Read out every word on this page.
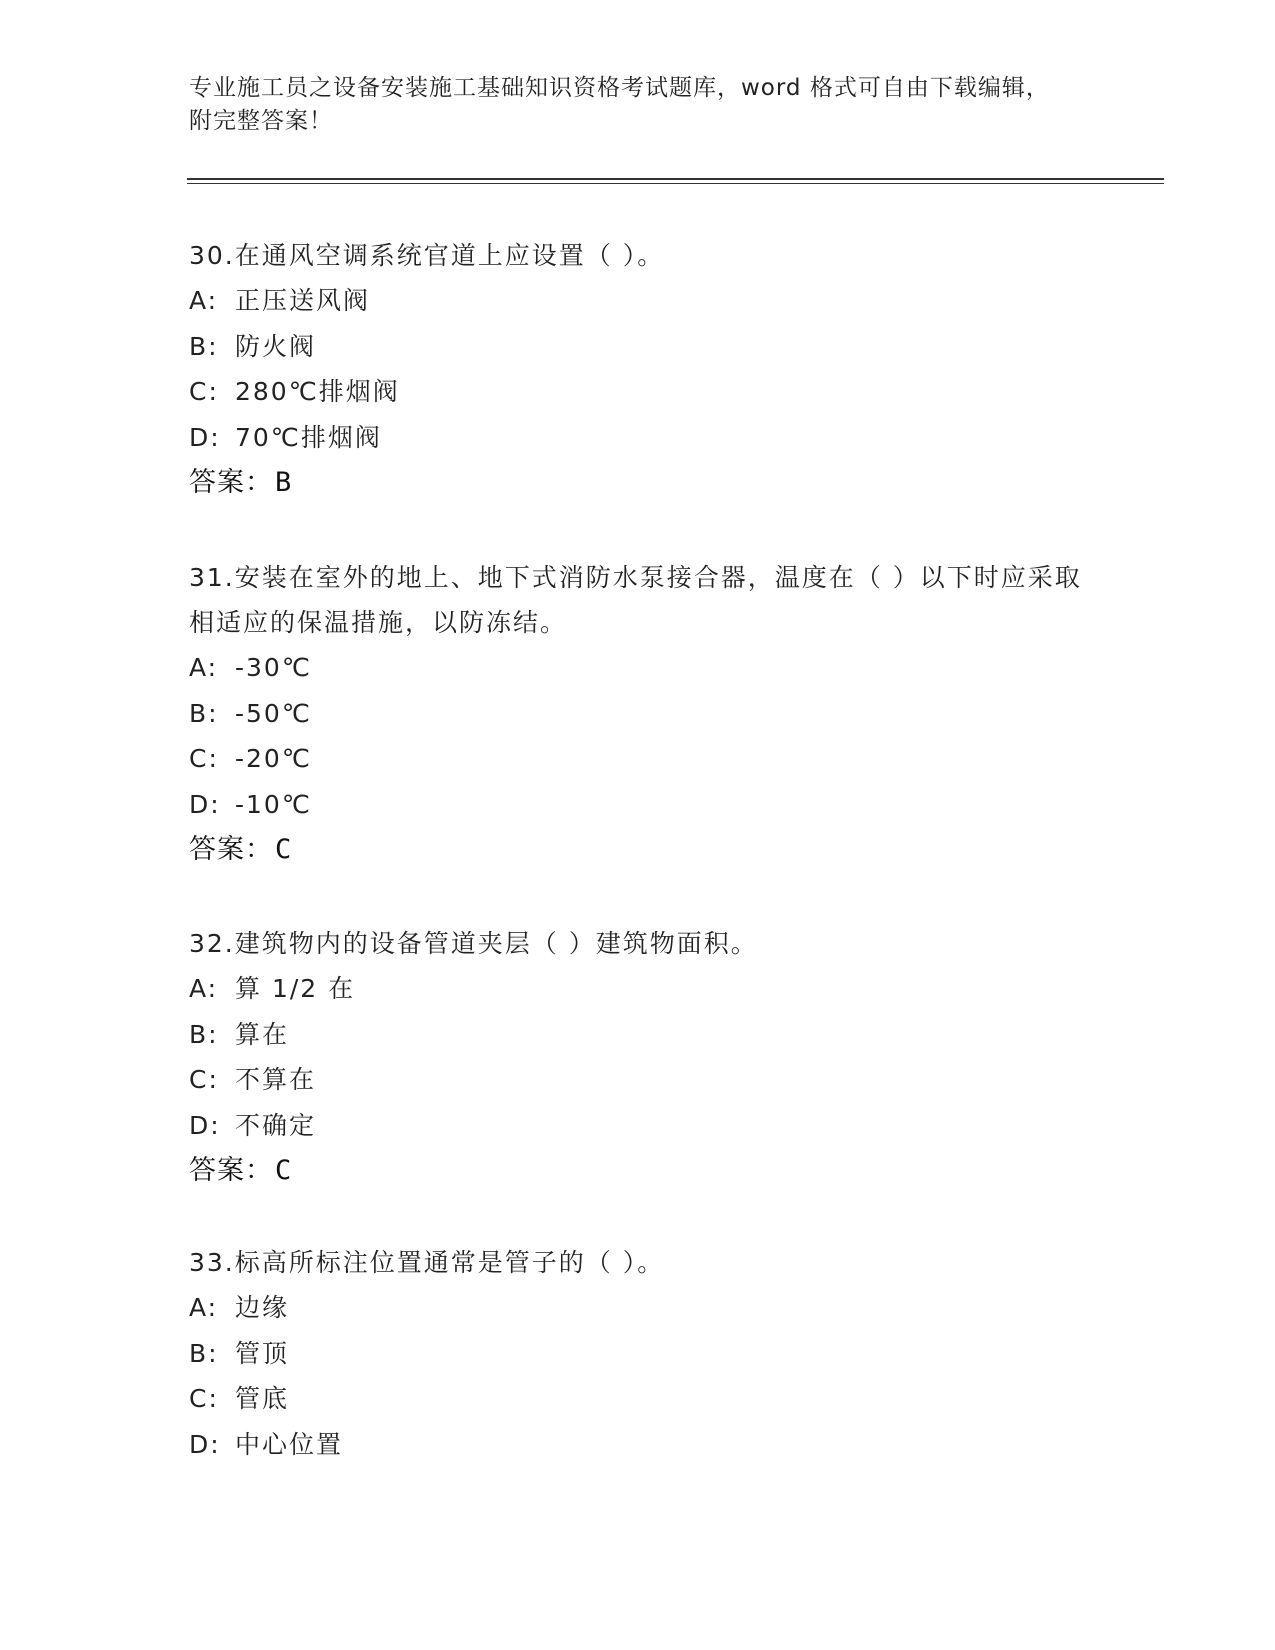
专业施工员之设备安装施工基础知识资格考试题库，word 格式可自由下载编辑，
附完整答案！

30.在通风空调系统官道上应设置（ ）。

A: 正压送风阀
B: 防火阀
C: 280℃排烟阀
D: 70℃排烟阀
答案：B

31.安装在室外的地上、地下式消防水泵接合器，温度在（ ）以下时应采取相适应的保温措施，以防冻结。

A: -30℃
B: -50℃
C: -20℃
D: -10℃
答案：C

32.建筑物内的设备管道夹层（ ）建筑物面积。

A: 算 1/2 在
B: 算在
C: 不算在
D: 不确定
答案：C

33.标高所标注位置通常是管子的（ ）。

A: 边缘
B: 管顶
C: 管底
D: 中心位置
